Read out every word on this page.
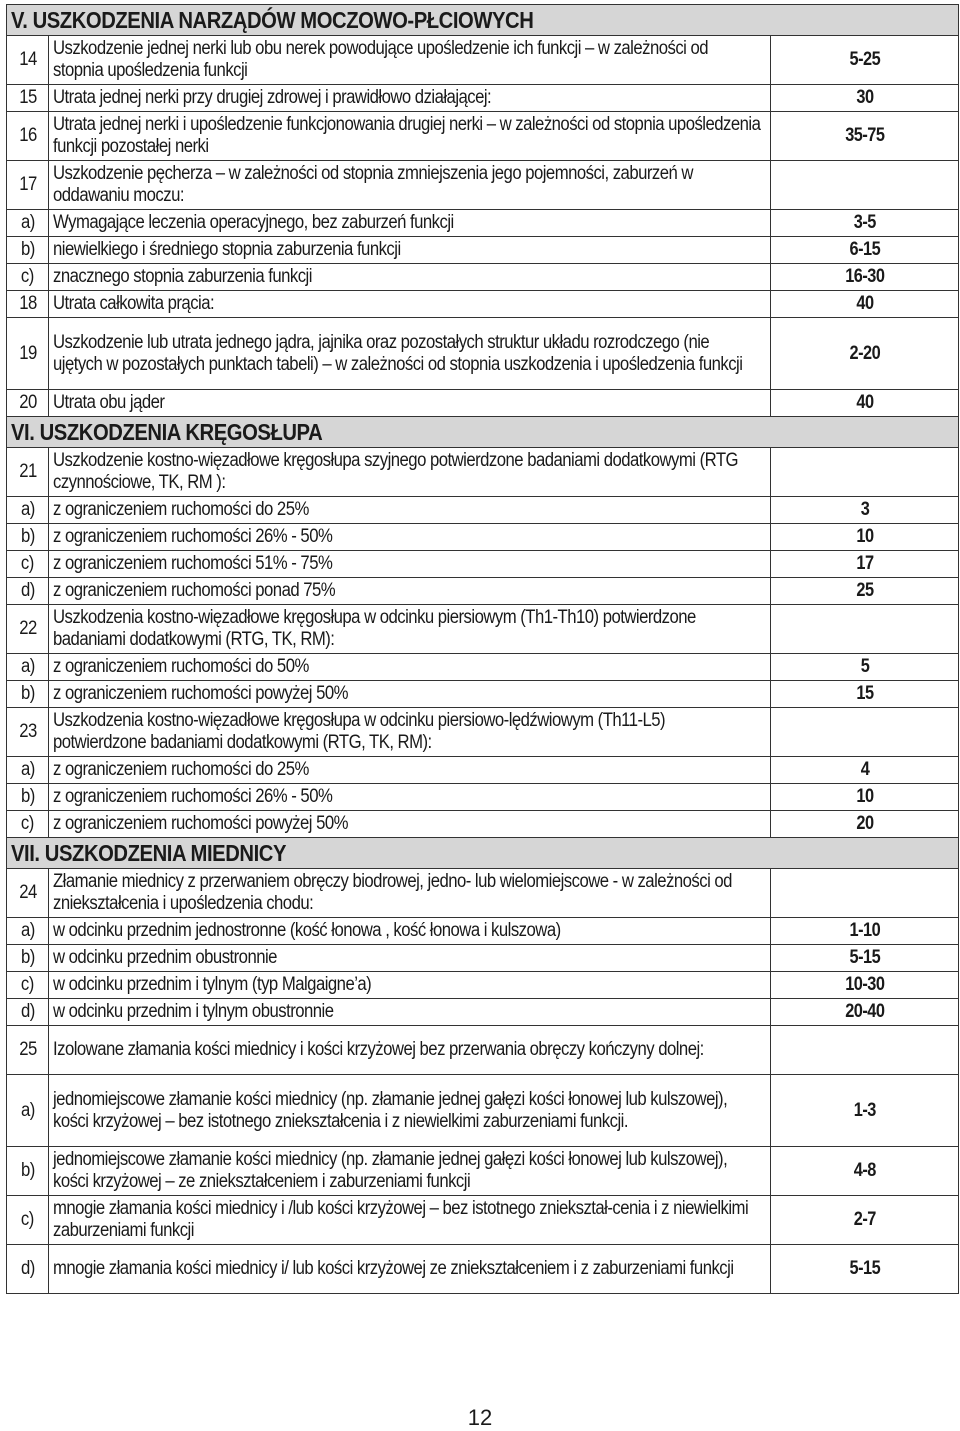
V. USZKODZENIA NARZĄDÓW MOCZOWO-PŁCIOWYCH		
14	Uszkodzenie jednej nerki lub obu nerek powodujące upośledzenie ich funkcji – w zależności od stopnia upośledzenia funkcji	5-25
15	Utrata jednej nerki przy drugiej zdrowej i prawidłowo działającej:	30
16	Utrata jednej nerki i upośledzenie funkcjonowania drugiej nerki – w zależności od stopnia upośledzenia funkcji pozostałej nerki	35-75
17	Uszkodzenie pęcherza – w zależności od stopnia zmniejszenia jego pojemności, zaburzeń w oddawaniu moczu:	

a)	Wymagające leczenia operacyjnego, bez zaburzeń funkcji	3-5
b)	niewielkiego i średniego stopnia zaburzenia funkcji	6-15
c)	znacznego stopnia zaburzenia funkcji	16-30
18	Utrata całkowita prącia:	40
19	Uszkodzenie lub utrata jednego jądra, jajnika oraz pozostałych struktur układu rozrodczego (nie ujętych w pozostałych punktach tabeli) – w zależności od stopnia uszkodzenia i upośledzenia funkcji	2-20
20	Utrata obu jąder	40
VI. USZKODZENIA KRĘGOSŁUPA		
21	Uszkodzenie kostno-więzadłowe kręgosłupa szyjnego potwierdzone badaniami dodatkowymi (RTG czynnościowe, TK, RM ):	

a)	z ograniczeniem ruchomości do 25%	3
b)	z ograniczeniem ruchomości 26% - 50%	10
c)	z ograniczeniem ruchomości 51% - 75%	17
d)	z ograniczeniem ruchomości ponad 75%	25
22	Uszkodzenia kostno-więzadłowe kręgosłupa w odcinku piersiowym (Th1-Th10) potwierdzone badaniami dodatkowymi (RTG, TK, RM):	

a)	z ograniczeniem ruchomości do 50%	5
b)	z ograniczeniem ruchomości powyżej 50%	15
23	Uszkodzenia kostno-więzadłowe kręgosłupa w odcinku piersiowo-lędźwiowym (Th11-L5) potwierdzone badaniami dodatkowymi (RTG, TK, RM):	

a)	z ograniczeniem ruchomości do 25%	4
b)	z ograniczeniem ruchomości 26% - 50%	10
c)	z ograniczeniem ruchomości powyżej 50%	20
VII. USZKODZENIA MIEDNICY		
24	Złamanie miednicy z przerwaniem obręczy biodrowej, jedno- lub wielomiejscowe - w zależności od zniekształcenia i upośledzenia chodu:	

a)	w odcinku przednim jednostronne (kość łonowa , kość łonowa i kulszowa)	1-10
b)	w odcinku przednim obustronnie	5-15
c)	w odcinku przednim i tylnym (typ Malgaigne’a)	10-30
d)	w odcinku przednim i tylnym obustronnie	20-40
25	Izolowane złamania kości miednicy i kości krzyżowej bez przerwania obręczy kończyny dolnej:	

a)	jednomiejscowe złamanie kości miednicy (np. złamanie jednej gałęzi kości łonowej lub kulszowej), kości krzyżowej – bez istotnego zniekształcenia i z niewielkimi zaburzeniami funkcji.	1-3
b)	jednomiejscowe złamanie kości miednicy (np. złamanie jednej gałęzi kości łonowej lub kulszowej), kości krzyżowej – ze zniekształceniem i zaburzeniami funkcji	4-8
c)	mnogie złamania kości miednicy i /lub kości krzyżowej – bez istotnego zniekształ-cenia i z niewielkimi zaburzeniami funkcji	2-7
d)	mnogie złamania kości miednicy i/ lub kości krzyżowej ze zniekształceniem i z zaburzeniami funkcji	5-15
12
